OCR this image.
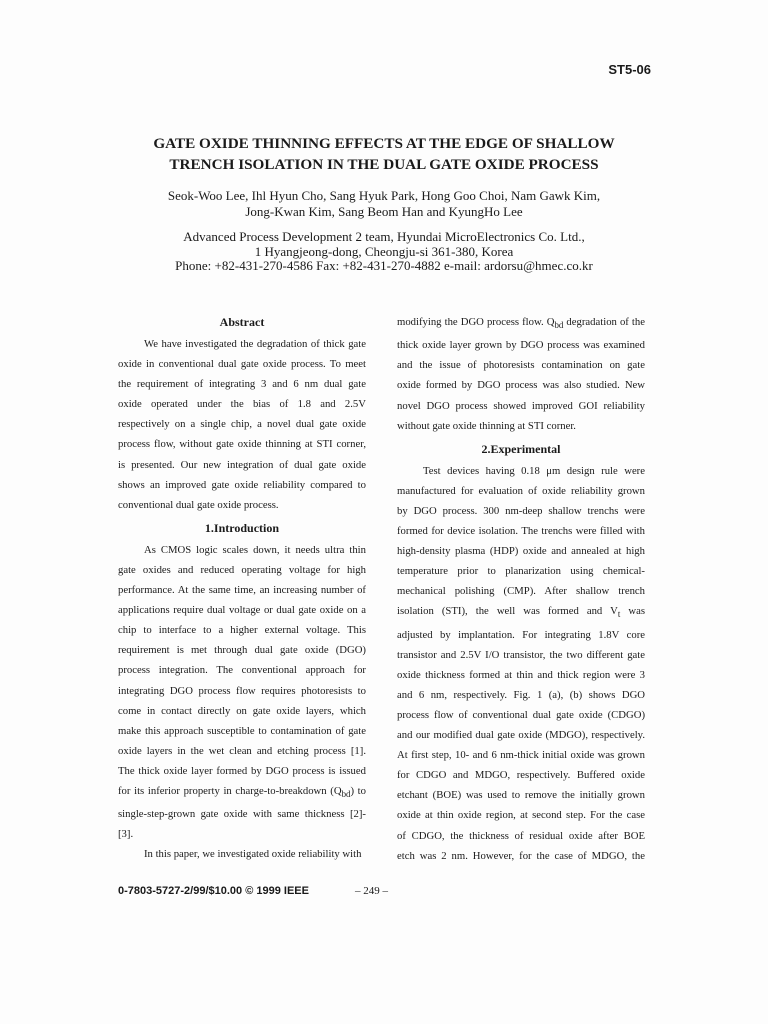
ST5-06
GATE OXIDE THINNING EFFECTS AT THE EDGE OF SHALLOW
TRENCH ISOLATION IN THE DUAL GATE OXIDE PROCESS
Seok-Woo Lee, Ihl Hyun Cho, Sang Hyuk Park, Hong Goo Choi, Nam Gawk Kim,
Jong-Kwan Kim, Sang Beom Han and KyungHo Lee
Advanced Process Development 2 team, Hyundai MicroElectronics Co. Ltd.,
1 Hyangjeong-dong, Cheongju-si 361-380, Korea
Phone: +82-431-270-4586 Fax: +82-431-270-4882 e-mail: ardorsu@hmec.co.kr
Abstract

We have investigated the degradation of thick gate

oxide in conventional dual gate oxide process. To meet

the requirement of integrating 3 and 6 nm dual gate

oxide operated under the bias of 1.8 and 2.5V

respectively on a single chip, a novel dual gate oxide

process flow, without gate oxide thinning at STI corner,

is presented. Our new integration of dual gate oxide

shows an improved gate oxide reliability compared to

conventional dual gate oxide process.

1.Introduction

As CMOS logic scales down, it needs ultra thin

gate oxides and reduced operating voltage for high

performance. At the same time, an increasing number of

applications require dual voltage or dual gate oxide on a

chip to interface to a higher external voltage. This

requirement is met through dual gate oxide (DGO)

process integration. The conventional approach for

integrating DGO process flow requires photoresists to

come in contact directly on gate oxide layers, which

make this approach susceptible to contamination of gate

oxide layers in the wet clean and etching process [1].

The thick oxide layer formed by DGO process is issued

for its inferior property in charge-to-breakdown $(Q_{bd})$ to

single-step-grown gate oxide with same thickness [2]-

[3].

In this paper, we investigated oxide reliability with

modifying the DGO process flow. $Q_{bd}$ degradation of the

thick oxide layer grown by DGO process was examined

and the issue of photoresists contamination on gate

oxide formed by DGO process was also studied. New

novel DGO process showed improved GOI reliability

without gate oxide thinning at STI corner.

2.Experimental

Test devices having 0.18 μm design rule were

manufactured for evaluation of oxide reliability grown

by DGO process. 300 nm-deep shallow trenchs were

formed for device isolation. The trenchs were filled with

high-density plasma (HDP) oxide and annealed at high

temperature prior to planarization using chemical-

mechanical polishing (CMP). After shallow trench

isolation (STI), the well was formed and $V_t$ was

adjusted by implantation. For integrating 1.8V core

transistor and 2.5V I/O transistor, the two different gate

oxide thickness formed at thin and thick region were 3

and 6 nm, respectively. Fig. 1 (a), (b) shows DGO

process flow of conventional dual gate oxide (CDGO)

and our modified dual gate oxide (MDGO), respectively.

At first step, 10- and 6 nm-thick initial oxide was grown

for CDGO and MDGO, respectively. Buffered oxide

etchant (BOE) was used to remove the initially grown

oxide at thin oxide region, at second step. For the case

of CDGO, the thickness of residual oxide after BOE

etch was 2 nm. However, for the case of MDGO, the

0-7803-5727-2/99/$10.00 © 1999 IEEE	– 249 –
